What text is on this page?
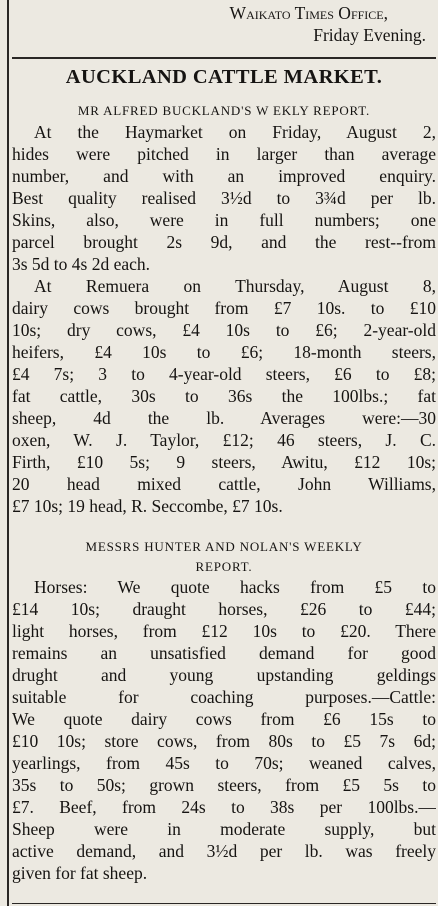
Waikato Times Office,
Friday Evening.
AUCKLAND CATTLE MARKET.
MR ALFRED BUCKLAND'S W EKLY REPORT.
At the Haymarket on Friday, August 2,
hides were pitched in larger than average
number, and with an improved enquiry.
Best quality realised 3½d to 3¾d per lb.
Skins, also, were in full numbers; one
parcel brought 2s 9d, and the rest--from
3s 5d to 4s 2d each.
At Remuera on Thursday, August 8,
dairy cows brought from £7 10s. to £10
10s; dry cows, £4 10s to £6; 2-year-old
heifers, £4 10s to £6; 18-month steers,
£4 7s; 3 to 4-year-old steers, £6 to £8;
fat cattle, 30s to 36s the 100lbs.; fat
sheep, 4d the lb. Averages were:—30
oxen, W. J. Taylor, £12; 46 steers, J. C.
Firth, £10 5s; 9 steers, Awitu, £12 10s;
20 head mixed cattle, John Williams,
£7 10s; 19 head, R. Seccombe, £7 10s.
MESSRS HUNTER AND NOLAN'S WEEKLY
REPORT.
Horses: We quote hacks from £5 to
£14 10s; draught horses, £26 to £44;
light horses, from £12 10s to £20. There
remains an unsatisfied demand for good
drught and young upstanding geldings
suitable for coaching purposes.—Cattle:
We quote dairy cows from £6 15s to
£10 10s; store cows, from 80s to £5 7s 6d;
yearlings, from 45s to 70s; weaned calves,
35s to 50s; grown steers, from £5 5s to
£7. Beef, from 24s to 38s per 100lbs.—
Sheep were in moderate supply, but
active demand, and 3½d per lb. was freely
given for fat sheep.
